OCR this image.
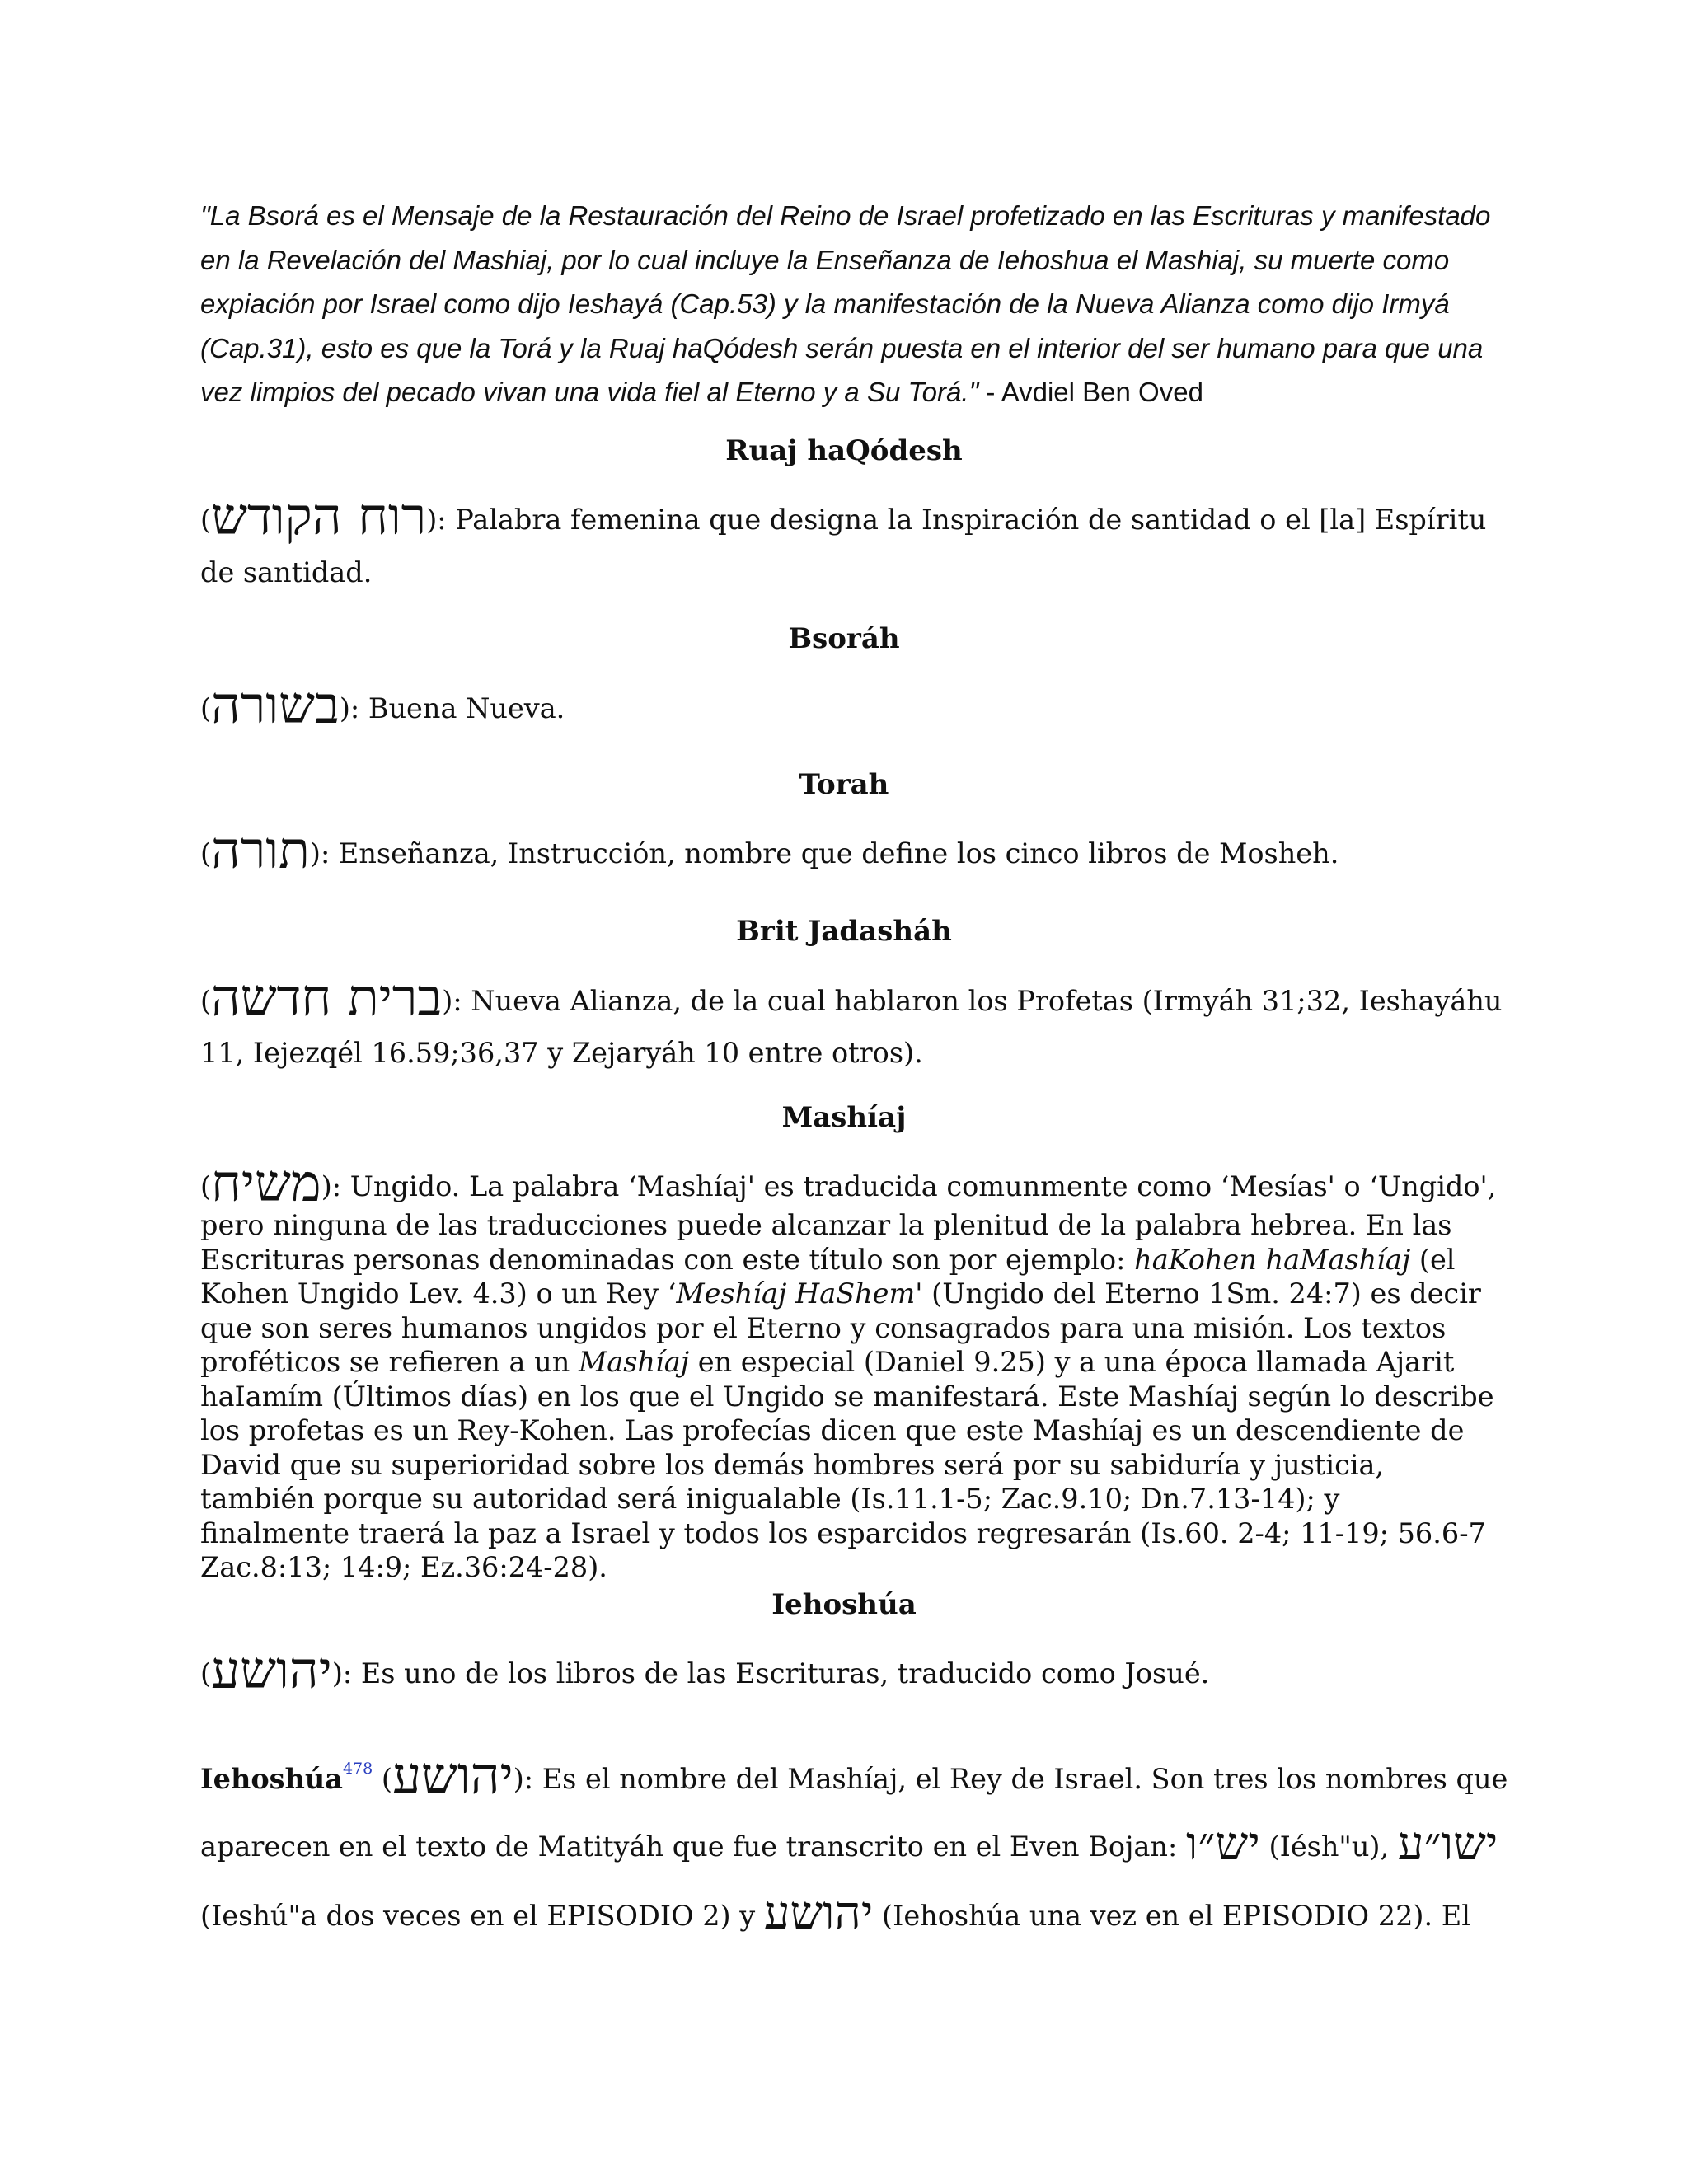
"La Bsorá es el Mensaje de la Restauración del Reino de Israel profetizado en las Escrituras y manifestado en la Revelación del Mashiaj, por lo cual incluye la Enseñanza de Iehoshua el Mashiaj, su muerte como expiación por Israel como dijo Ieshayá (Cap.53) y la manifestación de la Nueva Alianza como dijo Irmyá (Cap.31), esto es que la Torá y la Ruaj haQódesh serán puesta en el interior del ser humano para que una vez limpios del pecado vivan una vida fiel al Eterno y a Su Torá." - Avdiel Ben Oved
Ruaj haQódesh
(רוח הקודש): Palabra femenina que designa la Inspiración de santidad o el [la] Espíritu
de santidad.
Bsoráh
(בשורה): Buena Nueva.
Torah
(תורה): Enseñanza, Instrucción, nombre que define los cinco libros de Mosheh.
Brit Jadasháh
(ברית חדשה): Nueva Alianza, de la cual hablaron los Profetas (Irmyáh 31;32, Ieshayáhu
11, Iejezqél 16.59;36,37 y Zejaryáh 10 entre otros).
Mashíaj
(משיח): Ungido. La palabra ‘Mashíaj' es traducida comunmente como ‘Mesías' o ‘Ungido',
pero ninguna de las traducciones puede alcanzar la plenitud de la palabra hebrea. En las Escrituras personas denominadas con este título son por ejemplo: haKohen haMashíaj (el Kohen Ungido Lev. 4.3) o un Rey ‘Meshíaj HaShem' (Ungido del Eterno 1Sm. 24:7) es decir que son seres humanos ungidos por el Eterno y consagrados para una misión. Los textos proféticos se refieren a un Mashíaj en especial (Daniel 9.25) y a una época llamada Ajarit haIamím (Últimos días) en los que el Ungido se manifestará. Este Mashíaj según lo describe los profetas es un Rey-Kohen. Las profecías dicen que este Mashíaj es un descendiente de David que su superioridad sobre los demás hombres será por su sabiduría y justicia, también porque su autoridad será inigualable (Is.11.1-5; Zac.9.10; Dn.7.13-14); y finalmente traerá la paz a Israel y todos los esparcidos regresarán (Is.60. 2-4; 11-19; 56.6-7 Zac.8:13; 14:9; Ez.36:24-28).
Iehoshúa
(יהושע): Es uno de los libros de las Escrituras, traducido como Josué.
Iehoshúa$^{478}$ (יהושע): Es el nombre del Mashíaj, el Rey de Israel. Son tres los nombres que
aparecen en el texto de Matityáh que fue transcrito en el Even Bojan: יש״ו (Iésh"u), ישו״ע
(Ieshú"a dos veces en el EPISODIO 2) y יהושע (Iehoshúa una vez en el EPISODIO 22). El
